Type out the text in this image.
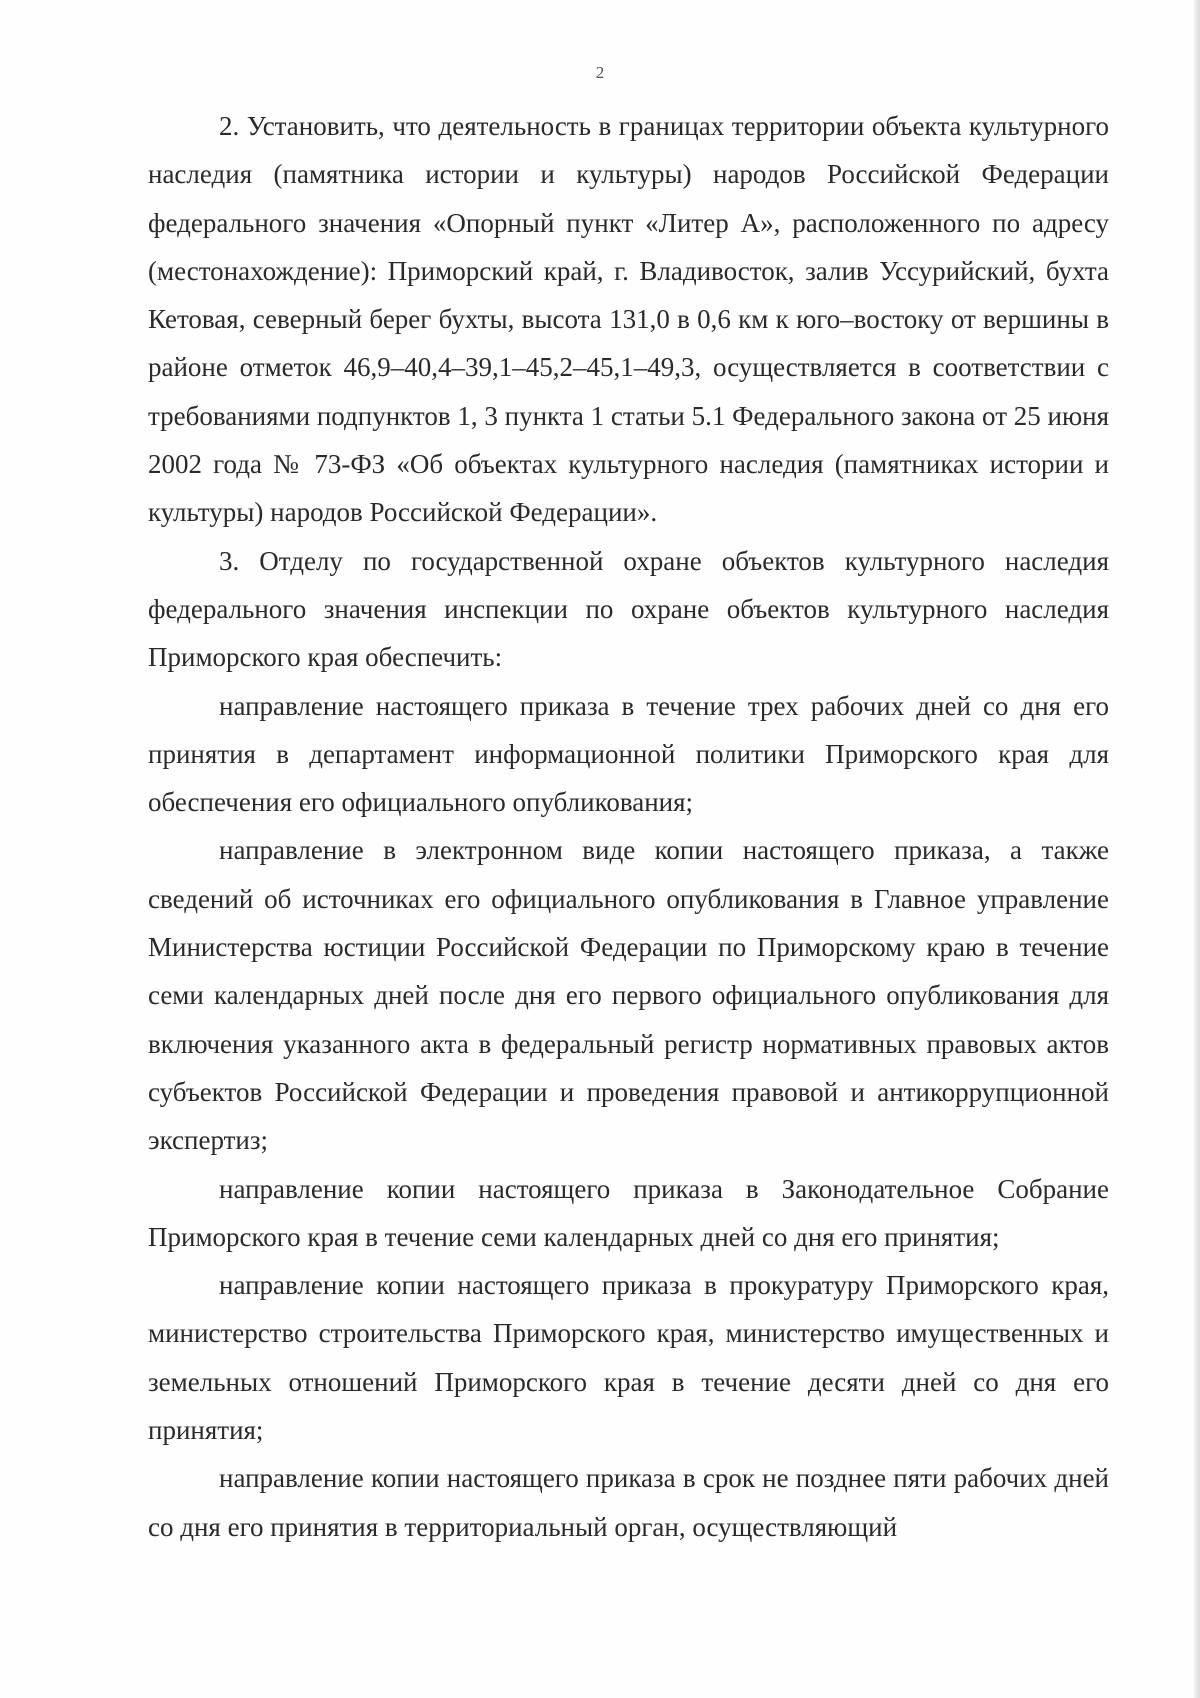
2

2. Установить, что деятельность в границах территории объекта культурного наследия (памятника истории и культуры) народов Российской Федерации федерального значения «Опорный пункт «Литер А», расположенного по адресу (местонахождение): Приморский край, г. Владивосток, залив Уссурийский, бухта Кетовая, северный берег бухты, высота 131,0 в 0,6 км к юго–востоку от вершины в районе отметок 46,9–40,4–39,1–45,2–45,1–49,3, осуществляется в соответствии с требованиями подпунктов 1, 3 пункта 1 статьи 5.1 Федерального закона от 25 июня 2002 года № 73-ФЗ «Об объектах культурного наследия (памятниках истории и культуры) народов Российской Федерации».

3. Отделу по государственной охране объектов культурного наследия федерального значения инспекции по охране объектов культурного наследия Приморского края обеспечить:

направление настоящего приказа в течение трех рабочих дней со дня его принятия в департамент информационной политики Приморского края для обеспечения его официального опубликования;

направление в электронном виде копии настоящего приказа, а также сведений об источниках его официального опубликования в Главное управление Министерства юстиции Российской Федерации по Приморскому краю в течение семи календарных дней после дня его первого официального опубликования для включения указанного акта в федеральный регистр нормативных правовых актов субъектов Российской Федерации и проведения правовой и антикоррупционной экспертиз;

направление копии настоящего приказа в Законодательное Собрание Приморского края в течение семи календарных дней со дня его принятия;

направление копии настоящего приказа в прокуратуру Приморского края, министерство строительства Приморского края, министерство имущественных и земельных отношений Приморского края в течение десяти дней со дня его принятия;

направление копии настоящего приказа в срок не позднее пяти рабочих дней со дня его принятия в территориальный орган, осуществляющий
